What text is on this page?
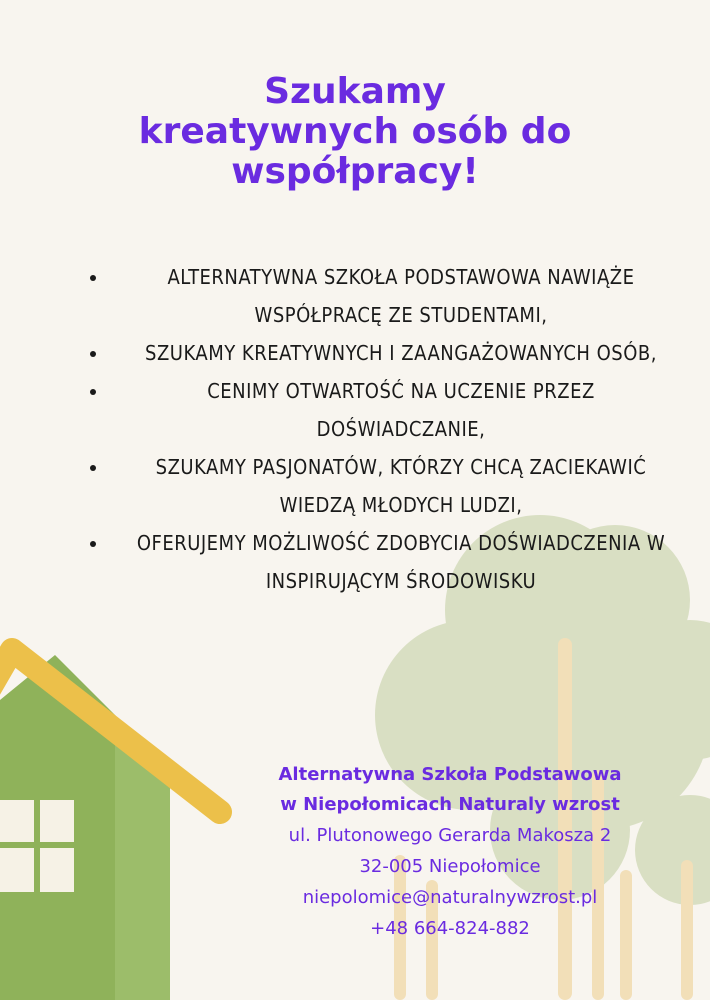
Szukamy
kreatywnych osób do
współpracy!
ALTERNATYWNA SZKOŁA PODSTAWOWA NAWIĄŻE
WSPÓŁPRACĘ ZE STUDENTAMI,
SZUKAMY KREATYWNYCH I ZAANGAŻOWANYCH OSÓB,
CENIMY OTWARTOŚĆ NA UCZENIE PRZEZ
DOŚWIADCZANIE,
SZUKAMY PASJONATÓW, KTÓRZY CHCĄ ZACIEKAWIĆ
WIEDZĄ MŁODYCH LUDZI,
OFERUJEMY MOŻLIWOŚĆ ZDOBYCIA DOŚWIADCZENIA W
INSPIRUJĄCYM ŚRODOWISKU
Alternatywna Szkoła Podstawowa
w Niepołomicach Naturaly wzrost
ul. Plutonowego Gerarda Makosza 2
32-005 Niepołomice
niepolomice@naturalnywzrost.pl
+48 664-824-882
